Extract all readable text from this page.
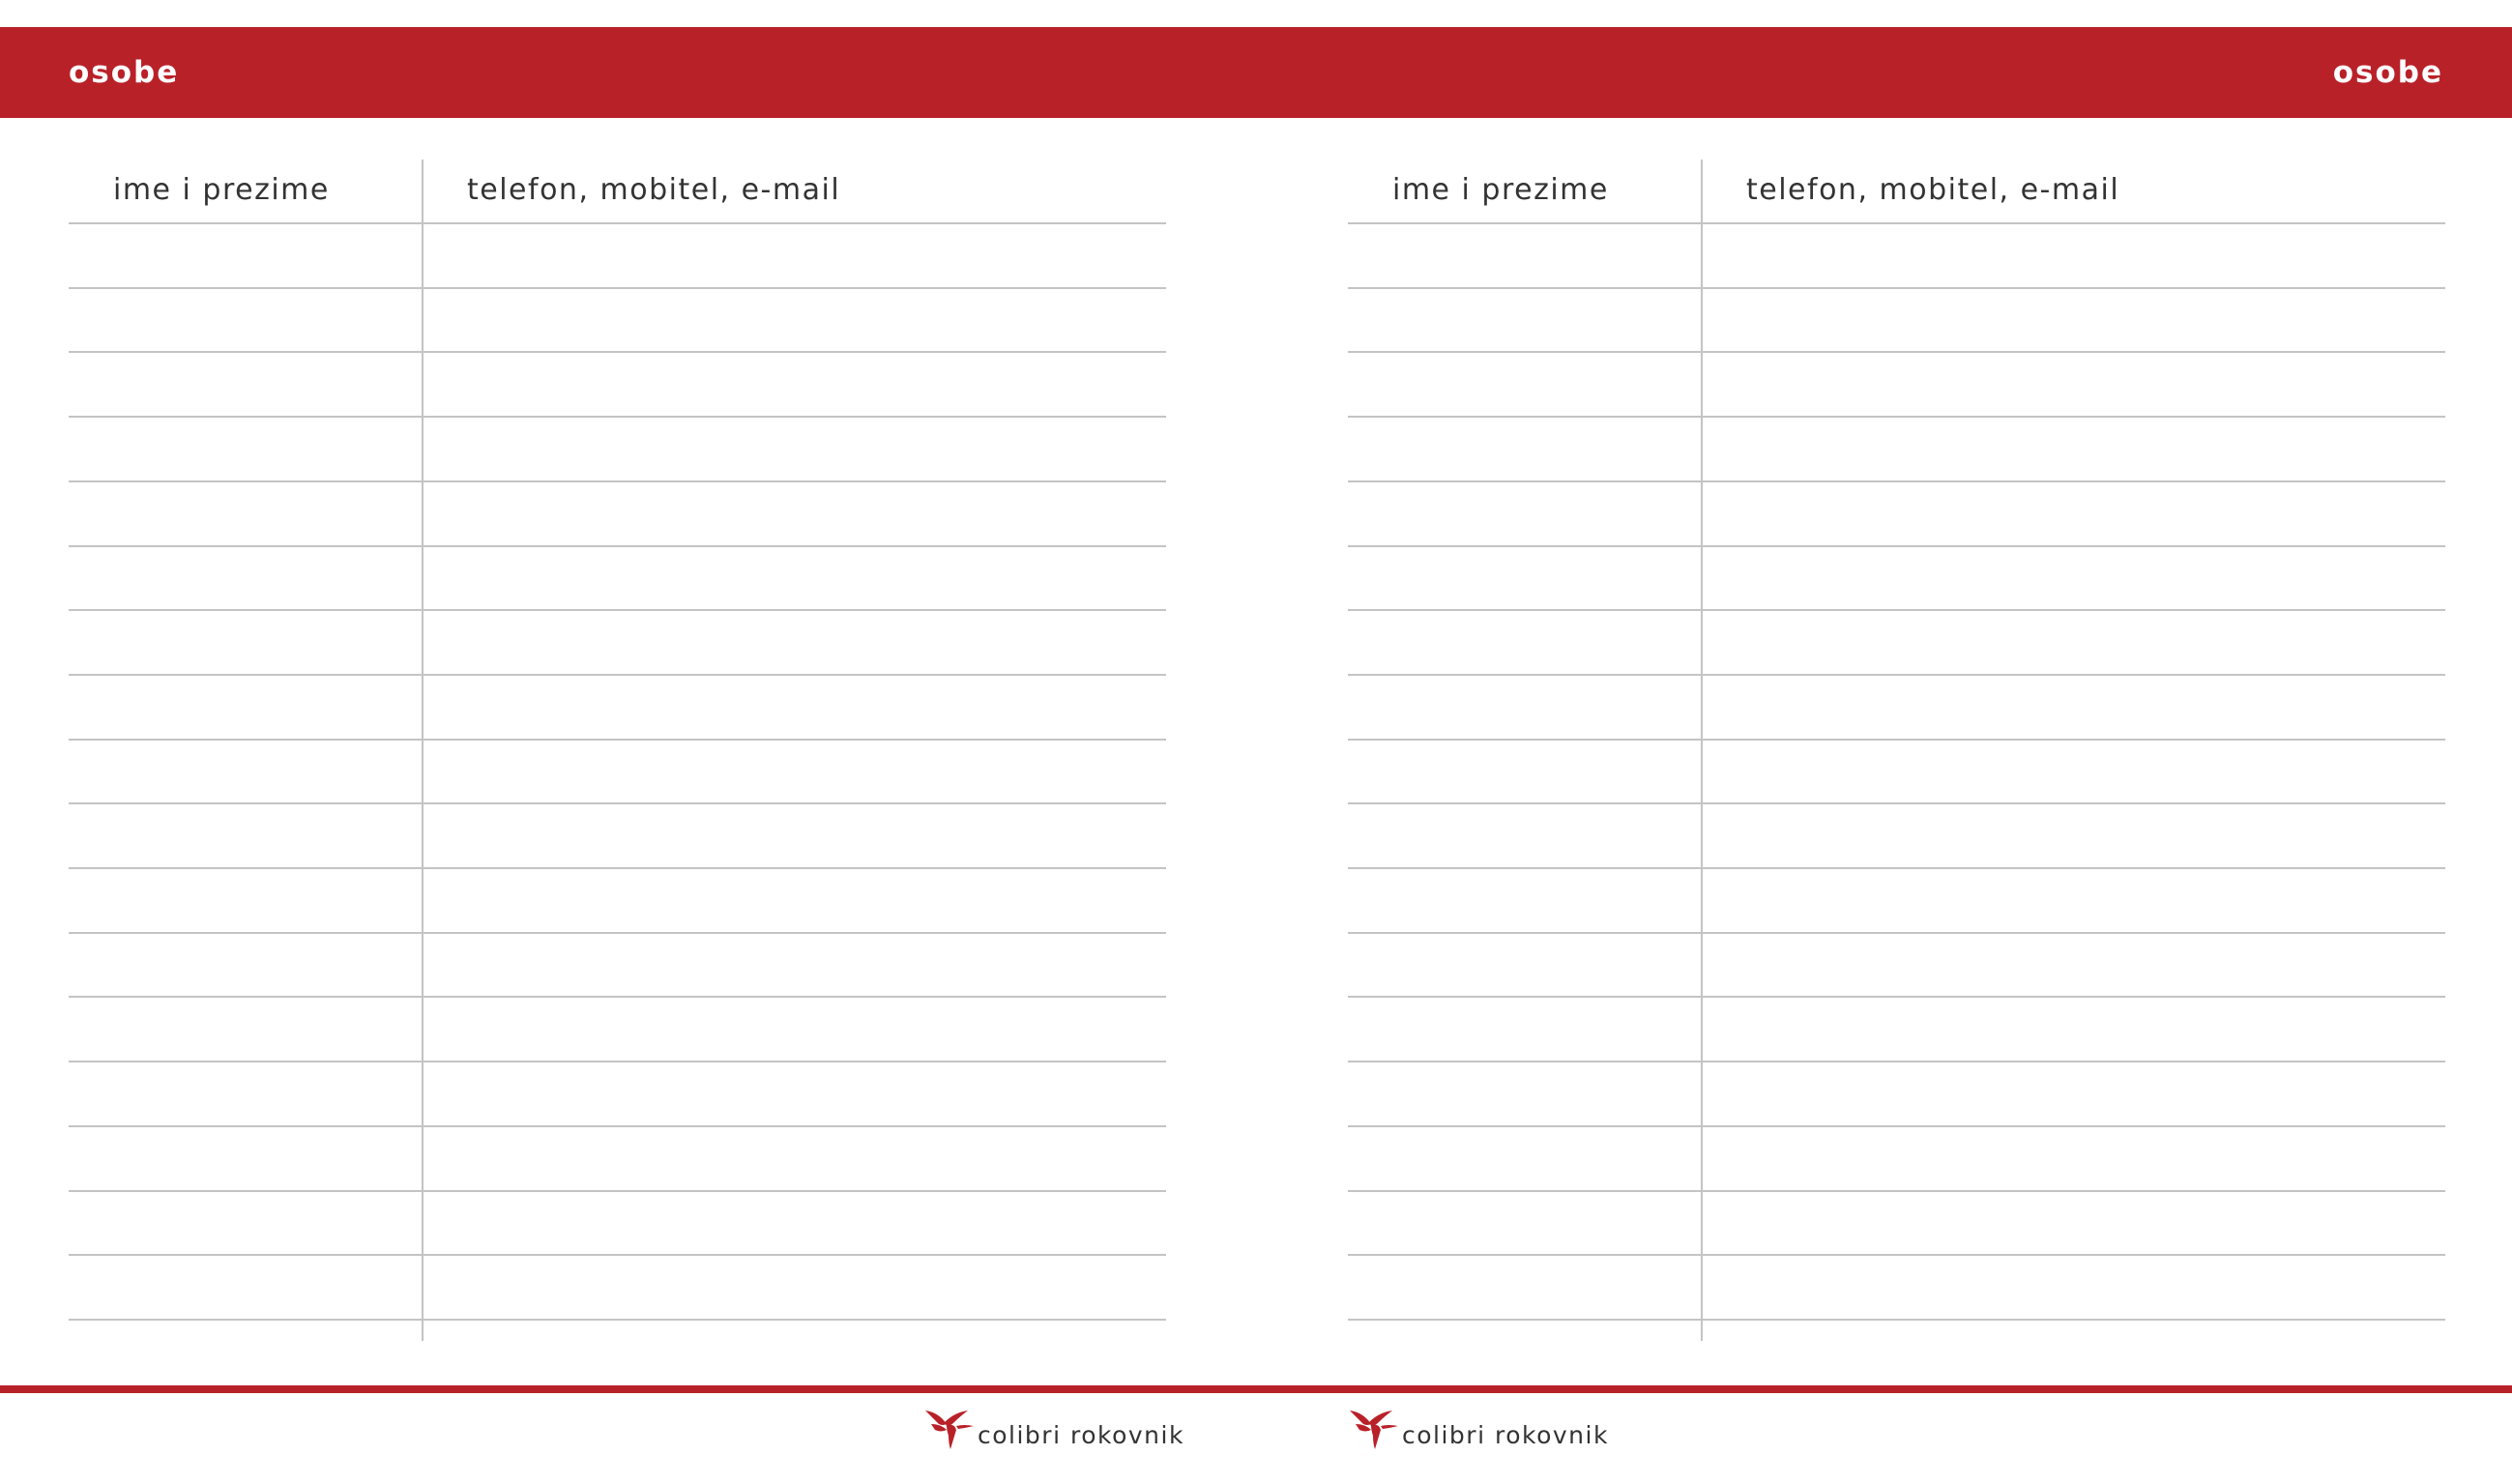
osobe	osobe
ime i prezime	telefon, mobitel, e-mail	ime i prezime	telefon, mobitel, e-mail
colibri rokovnik	colibri rokovnik
